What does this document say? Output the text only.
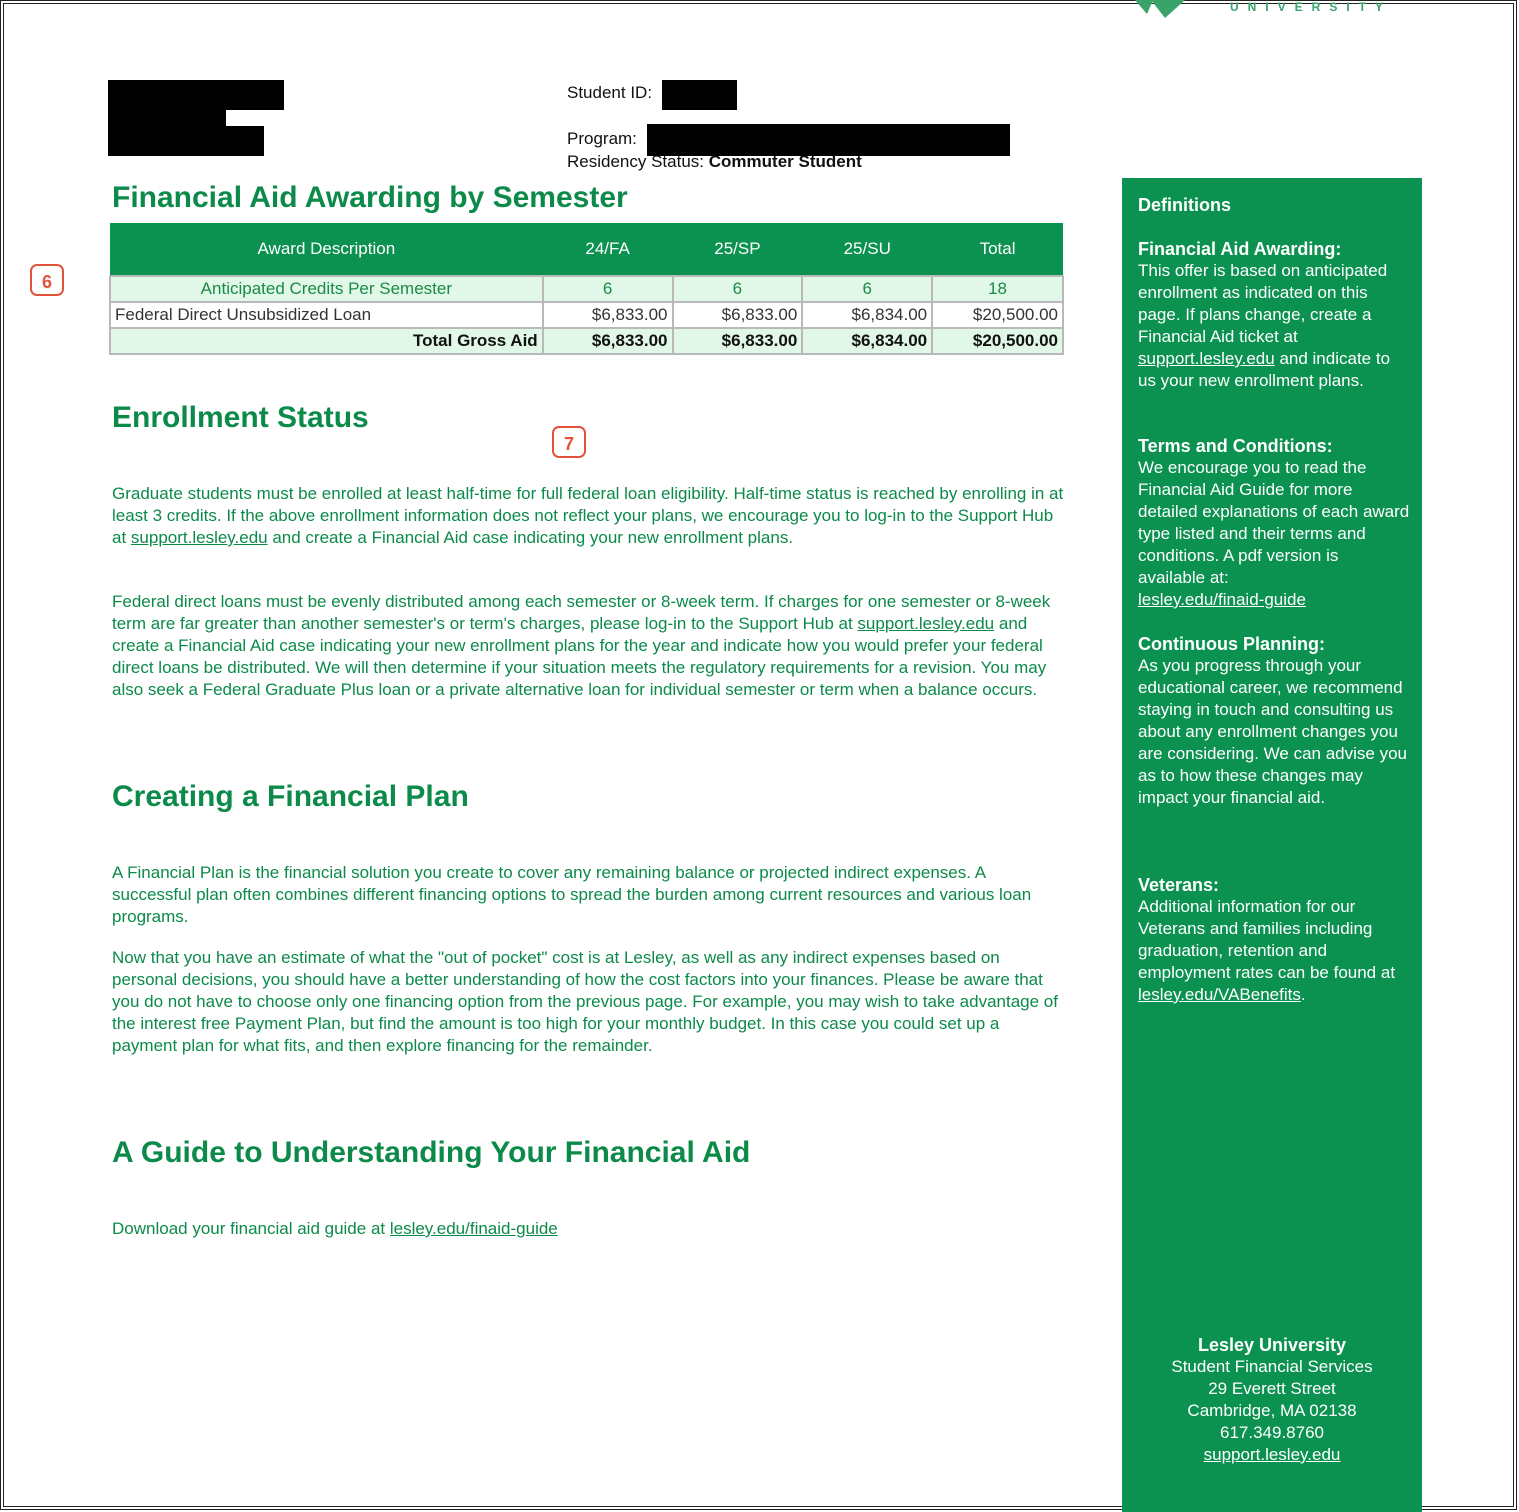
UNIVERSITY
Student ID:
Program:
Residency Status: Commuter Student
Financial Aid Awarding by Semester
Award Description	24/FA	25/SP	25/SU	Total
Anticipated Credits Per Semester	6	6	6	18
Federal Direct Unsubsidized Loan	$6,833.00	$6,833.00	$6,834.00	$20,500.00
Total Gross Aid	$6,833.00	$6,833.00	$6,834.00	$20,500.00
6
7
Enrollment Status

Graduate students must be enrolled at least half-time for full federal loan eligibility. Half-time status is reached by enrolling in at least 3 credits. If the above enrollment information does not reflect your plans, we encourage you to log-in to the Support Hub at support.lesley.edu and create a Financial Aid case indicating your new enrollment plans.

Federal direct loans must be evenly distributed among each semester or 8-week term. If charges for one semester or 8-week term are far greater than another semester's or term's charges, please log-in to the Support Hub at support.lesley.edu and create a Financial Aid case indicating your new enrollment plans for the year and indicate how you would prefer your federal direct loans be distributed. We will then determine if your situation meets the regulatory requirements for a revision. You may also seek a Federal Graduate Plus loan or a private alternative loan for individual semester or term when a balance occurs.

Creating a Financial Plan

A Financial Plan is the financial solution you create to cover any remaining balance or projected indirect expenses. A successful plan often combines different financing options to spread the burden among current resources and various loan programs.

Now that you have an estimate of what the "out of pocket" cost is at Lesley, as well as any indirect expenses based on personal decisions, you should have a better understanding of how the cost factors into your finances. Please be aware that you do not have to choose only one financing option from the previous page. For example, you may wish to take advantage of the interest free Payment Plan, but find the amount is too high for your monthly budget. In this case you could set up a payment plan for what fits, and then explore financing for the remainder.

A Guide to Understanding Your Financial Aid

Download your financial aid guide at lesley.edu/finaid-guide

Definitions

Financial Aid Awarding:

This offer is based on anticipated enrollment as indicated on this page. If plans change, create a Financial Aid ticket at support.lesley.edu and indicate to us your new enrollment plans.

Terms and Conditions:

We encourage you to read the Financial Aid Guide for more detailed explanations of each award type listed and their terms and conditions. A pdf version is available at:

lesley.edu/finaid-guide

Continuous Planning:

As you progress through your educational career, we recommend staying in touch and consulting us about any enrollment changes you are considering. We can advise you as to how these changes may impact your financial aid.

Veterans:

Additional information for our Veterans and families including graduation, retention and employment rates can be found at lesley.edu/VABenefits.

Lesley University
Student Financial Services
29 Everett Street
Cambridge, MA 02138
617.349.8760
support.lesley.edu
